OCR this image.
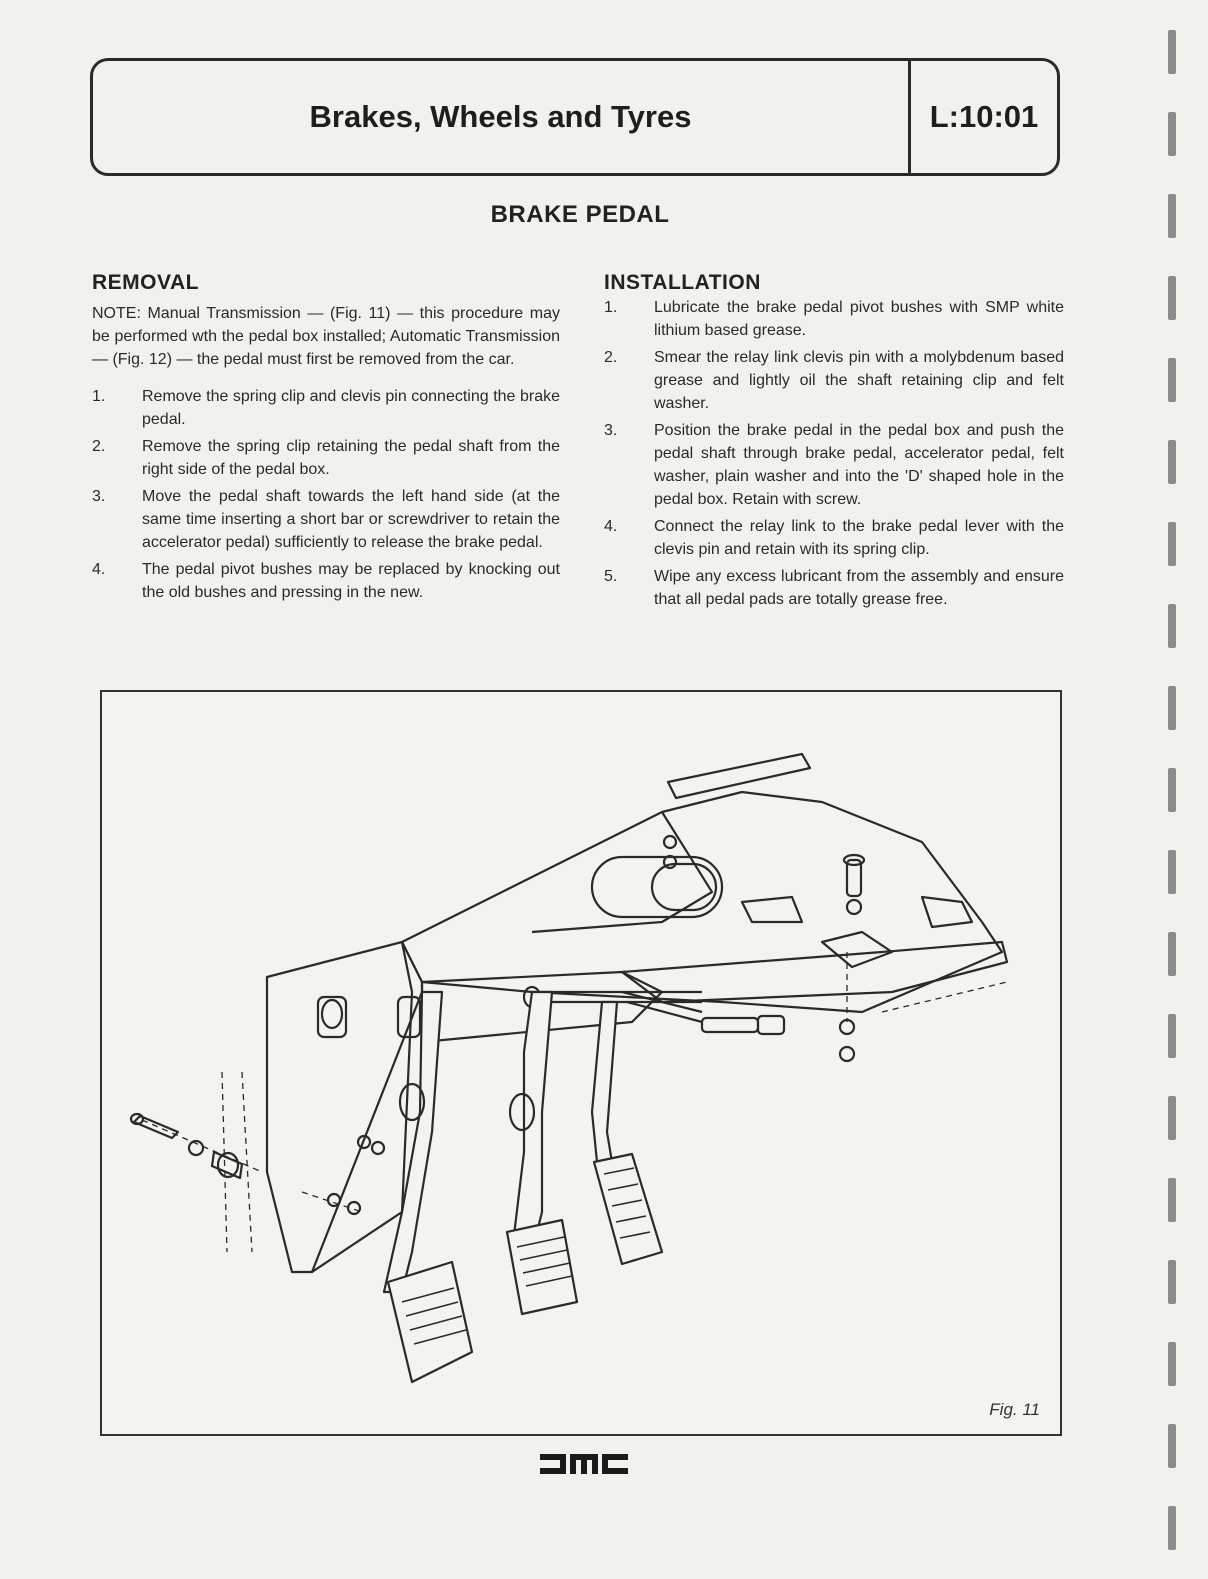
Brakes, Wheels and Tyres	L:10:01
BRAKE PEDAL
REMOVAL

NOTE: Manual Transmission — (Fig. 11) — this procedure may be performed wth the pedal box installed; Automatic Transmission — (Fig. 12) — the pedal must first be removed from the car.

1.	Remove the spring clip and clevis pin connecting the brake pedal.
2.	Remove the spring clip retaining the pedal shaft from the right side of the pedal box.
3.	Move the pedal shaft towards the left hand side (at the same time inserting a short bar or screwdriver to retain the accelerator pedal) sufficiently to release the brake pedal.
4.	The pedal pivot bushes may be replaced by knocking out the old bushes and pressing in the new.
INSTALLATION
1.	Lubricate the brake pedal pivot bushes with SMP white lithium based grease.
2.	Smear the relay link clevis pin with a molybdenum based grease and lightly oil the shaft retaining clip and felt washer.
3.	Position the brake pedal in the pedal box and push the pedal shaft through brake pedal, accelerator pedal, felt washer, plain washer and into the 'D' shaped hole in the pedal box. Retain with screw.
4.	Connect the relay link to the brake pedal lever with the clevis pin and retain with its spring clip.
5.	Wipe any excess lubricant from the assembly and ensure that all pedal pads are totally grease free.
Fig. 11
